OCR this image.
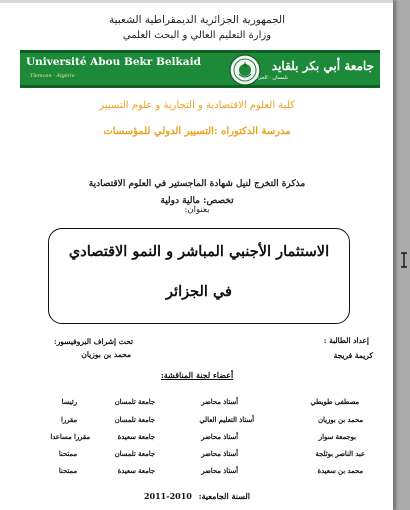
الجمهورية الجزائرية الديمقراطية الشعبية
وزارة التعليم العالي و البحث العلمي
Université Abou Bekr Belkaid
Tlemcen · Algérie
جامعة أبي بكر بلقايد
تلمسان · الجزائر
كلية العلوم الاقتصادية و التجارية و علوم التسيير
مدرسة الدكتوراه :التسيير الدولي للمؤسسات
مذكرة التخرج لنيل شهادة الماجستير في العلوم الاقتصادية
تخصص: مالية دولية
بعنوان:
الاستثمار الأجنبي المباشر و النمو الاقتصادي
في الجزائر
إعداد الطالبة :
كريمة فريجة
تحت إشراف البروفيسور:
محمد بن بوزيان
أعضاء لجنة المناقشة:
مصطفى طويطي
أستاذ محاضر
جامعة تلمسان
رئيسا
محمد بن بوزيان
أستاذ التعليم العالي
جامعة تلمسان
مقررا
بوجمعة سوار
أستاذ محاضر
جامعة سعيدة
مقررا مساعدا
عبد الناصر بوثلجة
أستاذ محاضر
جامعة تلمسان
ممتحنا
محمد بن سعيدة
أستاذ محاضر
جامعة سعيدة
ممتحنا
2011-2010 السنة الجامعية:
